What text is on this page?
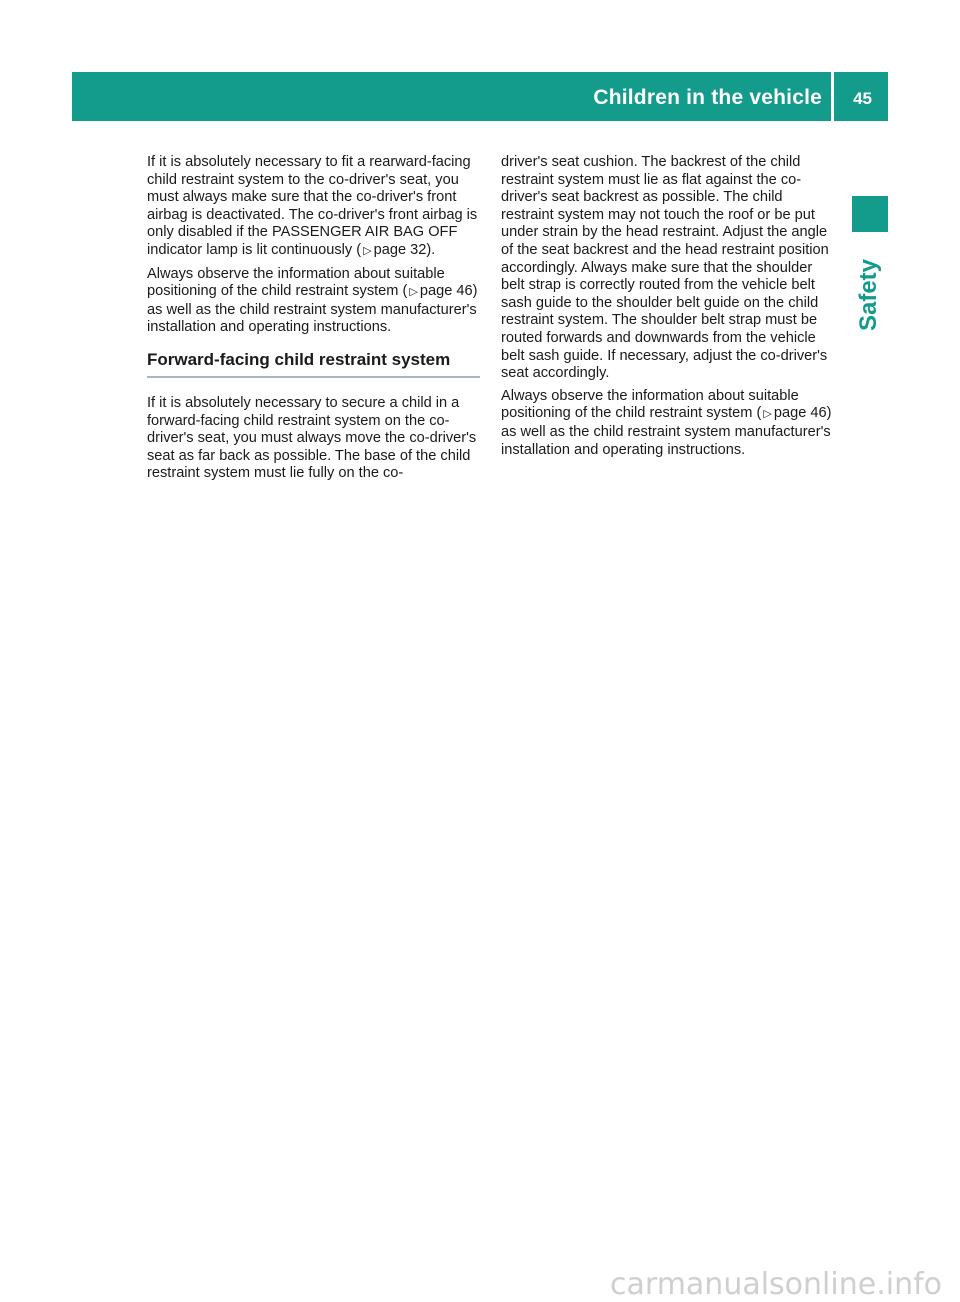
Children in the vehicle 45
Safety

If it is absolutely necessary to fit a rearward-facing child restraint system to the co-driver's seat, you must always make sure that the co-driver's front airbag is deactivated. The co-driver's front airbag is only disabled if the PASSENGER AIR BAG OFF indicator lamp is lit continuously ( ▷ page 32).

Always observe the information about suitable positioning of the child restraint system ( ▷ page 46) as well as the child restraint system manufacturer's installation and operating instructions.

Forward-facing child restraint system

If it is absolutely necessary to secure a child in a forward-facing child restraint system on the co-driver's seat, you must always move the co-driver's seat as far back as possible. The base of the child restraint system must lie fully on the co-

driver's seat cushion. The backrest of the child restraint system must lie as flat against the co-driver's seat backrest as possible. The child restraint system may not touch the roof or be put under strain by the head restraint. Adjust the angle of the seat backrest and the head restraint position accordingly. Always make sure that the shoulder belt strap is correctly routed from the vehicle belt sash guide to the shoulder belt guide on the child restraint system. The shoulder belt strap must be routed forwards and downwards from the vehicle belt sash guide. If necessary, adjust the co-driver's seat accordingly.

Always observe the information about suitable positioning of the child restraint system ( ▷ page 46) as well as the child restraint system manufacturer's installation and operating instructions.

carmanualsonline.info
